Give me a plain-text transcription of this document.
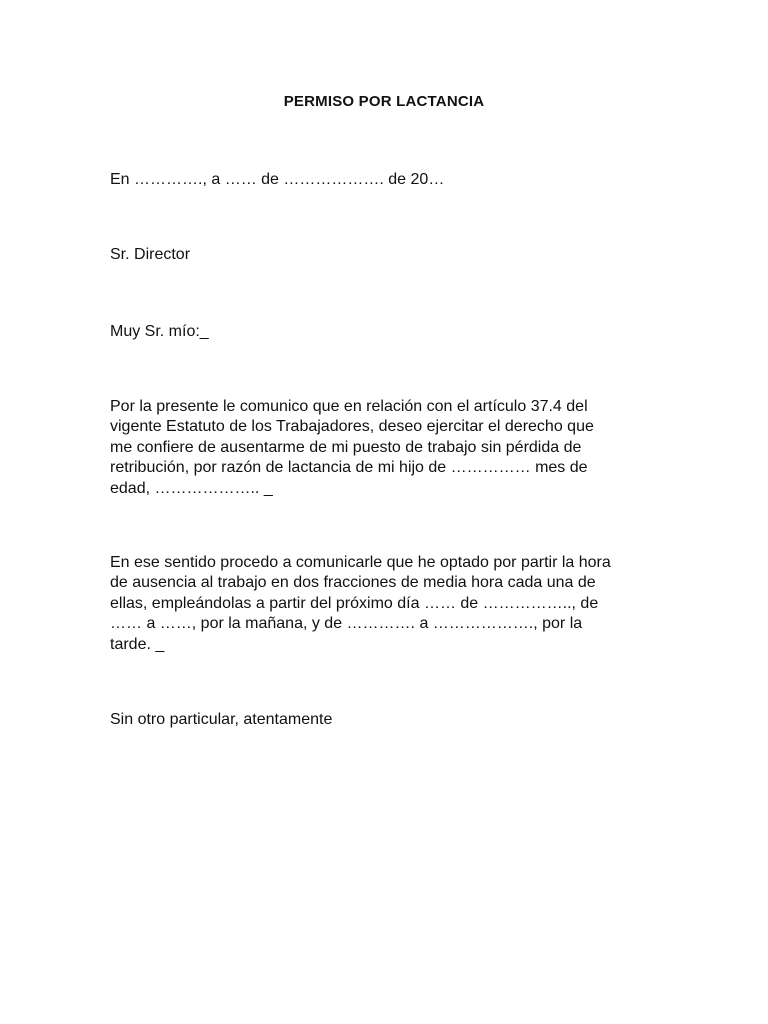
PERMISO POR LACTANCIA
En …………., a …… de ………………. de 20…
Sr. Director
Muy Sr. mío:_
Por la presente le comunico que en relación con el artículo 37.4 del
vigente Estatuto de los Trabajadores, deseo ejercitar el derecho que
me confiere de ausentarme de mi puesto de trabajo sin pérdida de
retribución, por razón de lactancia de mi hijo de …………… mes de
edad, ……………….. _
En ese sentido procedo a comunicarle que he optado por partir la hora
de ausencia al trabajo en dos fracciones de media hora cada una de
ellas, empleándolas a partir del próximo día …… de …………….., de
…… a ……, por la mañana, y de …………. a ………………., por la
tarde. _
Sin otro particular, atentamente
